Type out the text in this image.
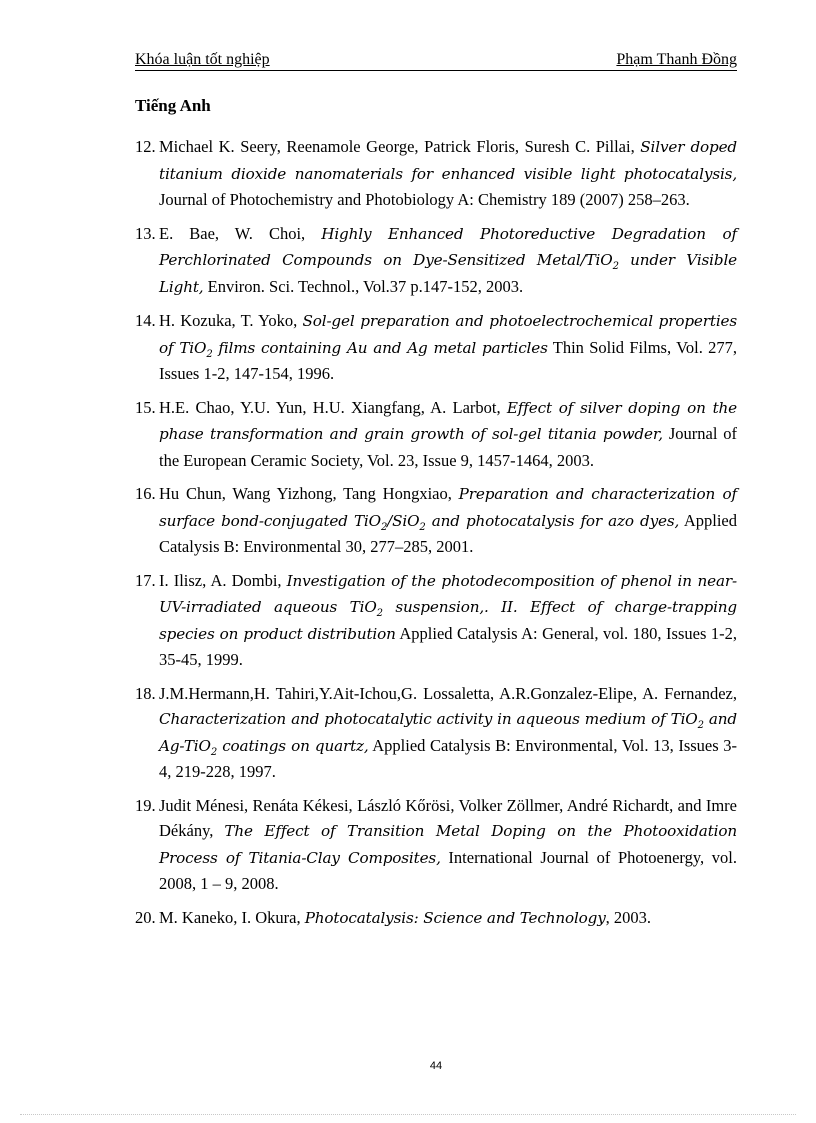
Khóa luận tốt nghiệp	Phạm Thanh Đồng
Tiếng Anh
12. Michael K. Seery, Reenamole George, Patrick Floris, Suresh C. Pillai, Silver doped titanium dioxide nanomaterials for enhanced visible light photocatalysis, Journal of Photochemistry and Photobiology A: Chemistry 189 (2007) 258–263.
13. E. Bae, W. Choi, Highly Enhanced Photoreductive Degradation of Perchlorinated Compounds on Dye-Sensitized Metal/TiO$_2$ under Visible Light, Environ. Sci. Technol., Vol.37 p.147-152, 2003.
14. H. Kozuka, T. Yoko, Sol-gel preparation and photoelectrochemical properties of TiO$_2$ films containing Au and Ag metal particles Thin Solid Films, Vol. 277, Issues 1-2, 147-154, 1996.
15. H.E. Chao, Y.U. Yun, H.U. Xiangfang, A. Larbot, Effect of silver doping on the phase transformation and grain growth of sol-gel titania powder, Journal of the European Ceramic Society, Vol. 23, Issue 9, 1457-1464, 2003.
16. Hu Chun, Wang Yizhong, Tang Hongxiao, Preparation and characterization of surface bond-conjugated TiO$_2$/SiO$_2$ and photocatalysis for azo dyes, Applied Catalysis B: Environmental 30, 277–285, 2001.
17. I. Ilisz, A. Dombi, Investigation of the photodecomposition of phenol in near-UV-irradiated aqueous TiO$_2$ suspension,. II. Effect of charge-trapping species on product distribution Applied Catalysis A: General, vol. 180, Issues 1-2, 35-45, 1999.
18. J.M.Hermann,H. Tahiri,Y.Ait-Ichou,G. Lossaletta, A.R.Gonzalez-Elipe, A. Fernandez, Characterization and photocatalytic activity in aqueous medium of TiO$_2$ and Ag-TiO$_2$ coatings on quartz, Applied Catalysis B: Environmental, Vol. 13, Issues 3-4, 219-228, 1997.
19. Judit Ménesi, Renáta Kékesi, László Kőrösi, Volker Zöllmer, André Richardt, and Imre Dékány, The Effect of Transition Metal Doping on the Photooxidation Process of Titania-Clay Composites, International Journal of Photoenergy, vol. 2008, 1 – 9, 2008.
20. M. Kaneko, I. Okura, Photocatalysis: Science and Technology, 2003.
44
